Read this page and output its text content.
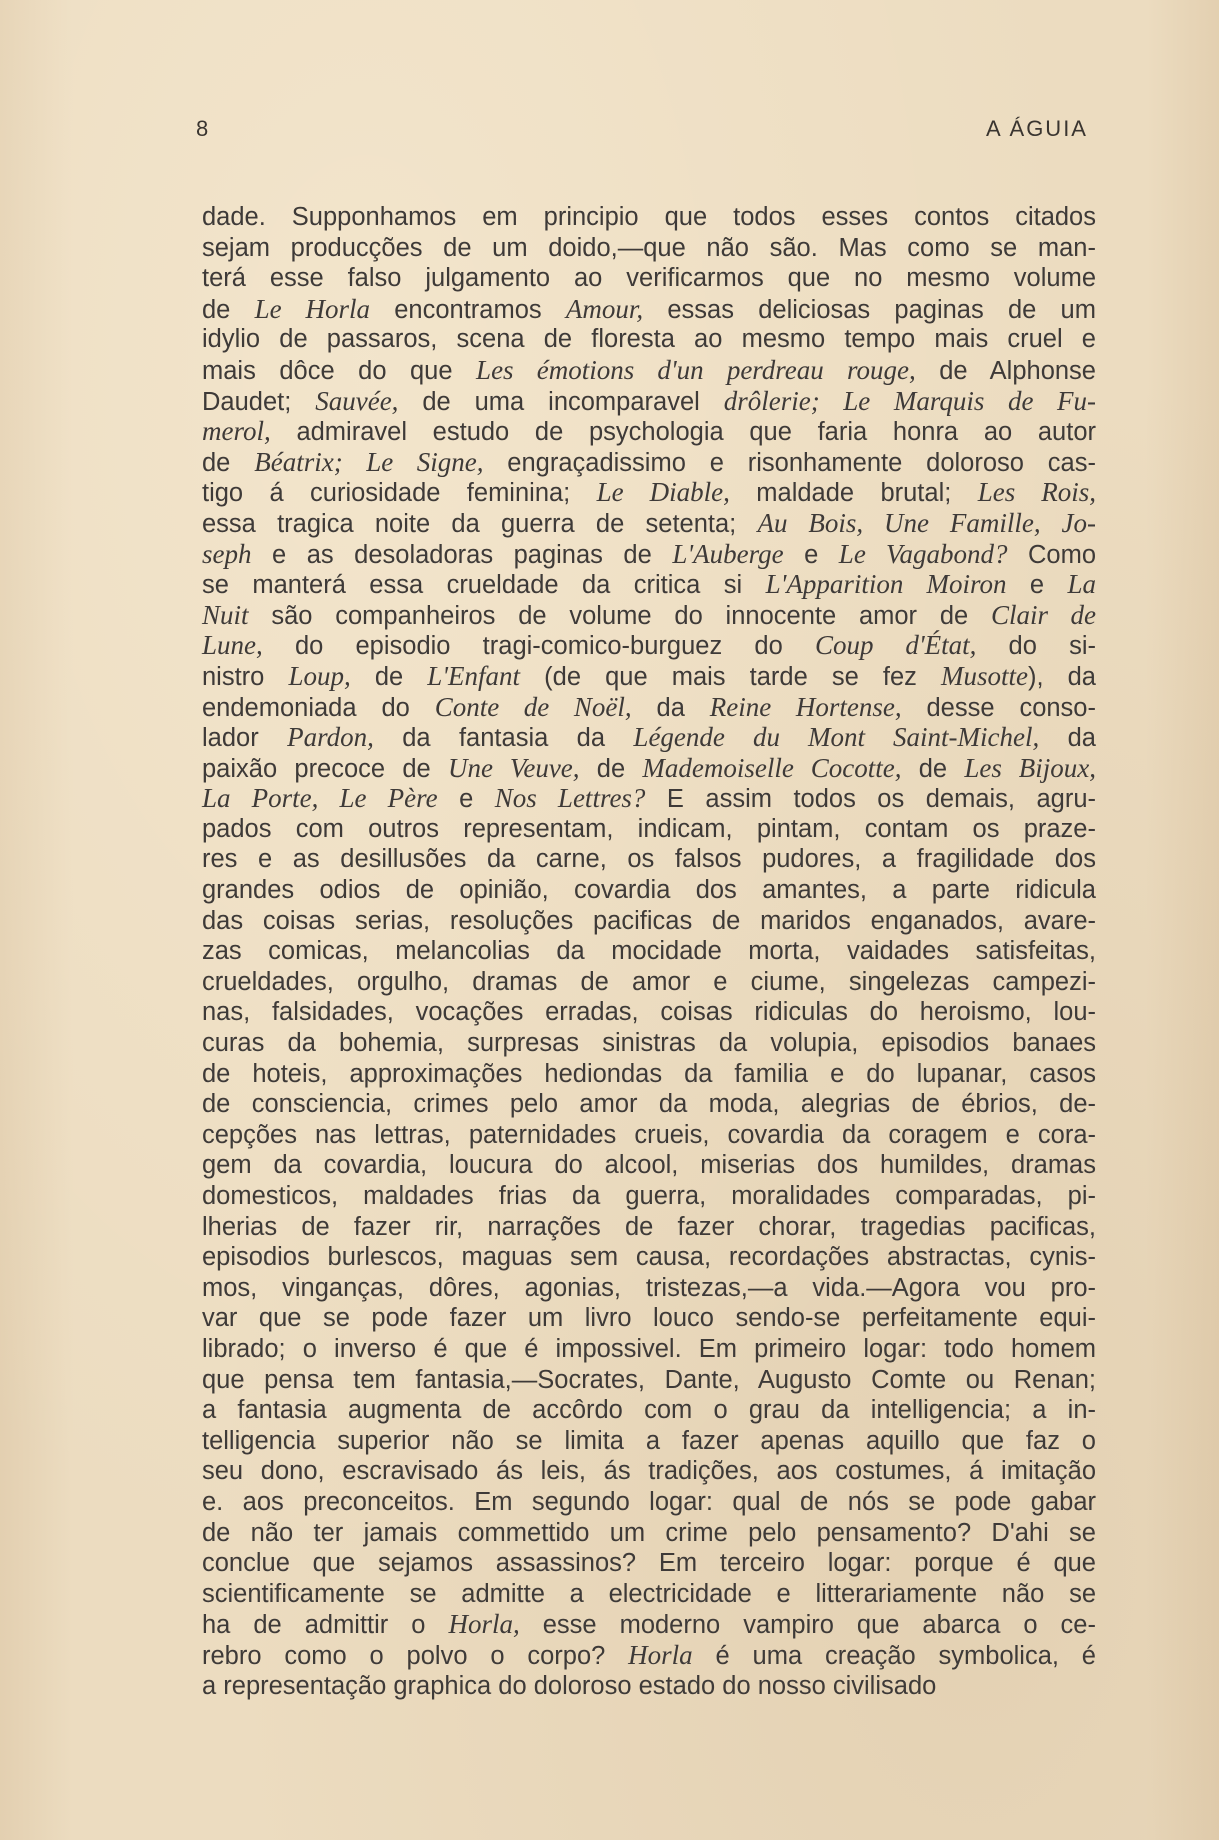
8	A ÁGUIA
dade. Supponhamos em principio que todos esses contos citados
sejam producções de um doido,—que não são. Mas como se man-
terá esse falso julgamento ao verificarmos que no mesmo volume
de Le Horla encontramos Amour, essas deliciosas paginas de um
idylio de passaros, scena de floresta ao mesmo tempo mais cruel e
mais dôce do que Les émotions d'un perdreau rouge, de Alphonse
Daudet; Sauvée, de uma incomparavel drôlerie; Le Marquis de Fu-
merol, admiravel estudo de psychologia que faria honra ao autor
de Béatrix; Le Signe, engraçadissimo e risonhamente doloroso cas-
tigo á curiosidade feminina; Le Diable, maldade brutal; Les Rois,
essa tragica noite da guerra de setenta; Au Bois, Une Famille, Jo-
seph e as desoladoras paginas de L'Auberge e Le Vagabond? Como
se manterá essa crueldade da critica si L'Apparition Moiron e La
Nuit são companheiros de volume do innocente amor de Clair de
Lune, do episodio tragi-comico-burguez do Coup d'État, do si-
nistro Loup, de L'Enfant (de que mais tarde se fez Musotte), da
endemoniada do Conte de Noël, da Reine Hortense, desse conso-
lador Pardon, da fantasia da Légende du Mont Saint-Michel, da
paixão precoce de Une Veuve, de Mademoiselle Cocotte, de Les Bijoux,
La Porte, Le Père e Nos Lettres? E assim todos os demais, agru-
pados com outros representam, indicam, pintam, contam os praze-
res e as desillusões da carne, os falsos pudores, a fragilidade dos
grandes odios de opinião, covardia dos amantes, a parte ridicula
das coisas serias, resoluções pacificas de maridos enganados, avare-
zas comicas, melancolias da mocidade morta, vaidades satisfeitas,
crueldades, orgulho, dramas de amor e ciume, singelezas campezi-
nas, falsidades, vocações erradas, coisas ridiculas do heroismo, lou-
curas da bohemia, surpresas sinistras da volupia, episodios banaes
de hoteis, approximações hediondas da familia e do lupanar, casos
de consciencia, crimes pelo amor da moda, alegrias de ébrios, de-
cepções nas lettras, paternidades crueis, covardia da coragem e cora-
gem da covardia, loucura do alcool, miserias dos humildes, dramas
domesticos, maldades frias da guerra, moralidades comparadas, pi-
lherias de fazer rir, narrações de fazer chorar, tragedias pacificas,
episodios burlescos, maguas sem causa, recordações abstractas, cynis-
mos, vinganças, dôres, agonias, tristezas,—a vida.—Agora vou pro-
var que se pode fazer um livro louco sendo-se perfeitamente equi-
librado; o inverso é que é impossivel. Em primeiro logar: todo homem
que pensa tem fantasia,—Socrates, Dante, Augusto Comte ou Renan;
a fantasia augmenta de accôrdo com o grau da intelligencia; a in-
telligencia superior não se limita a fazer apenas aquillo que faz o
seu dono, escravisado ás leis, ás tradições, aos costumes, á imitação
e. aos preconceitos. Em segundo logar: qual de nós se pode gabar
de não ter jamais commettido um crime pelo pensamento? D'ahi se
conclue que sejamos assassinos? Em terceiro logar: porque é que
scientificamente se admitte a electricidade e litterariamente não se
ha de admittir o Horla, esse moderno vampiro que abarca o ce-
rebro como o polvo o corpo? Horla é uma creação symbolica, é
a representação graphica do doloroso estado do nosso civilisado
